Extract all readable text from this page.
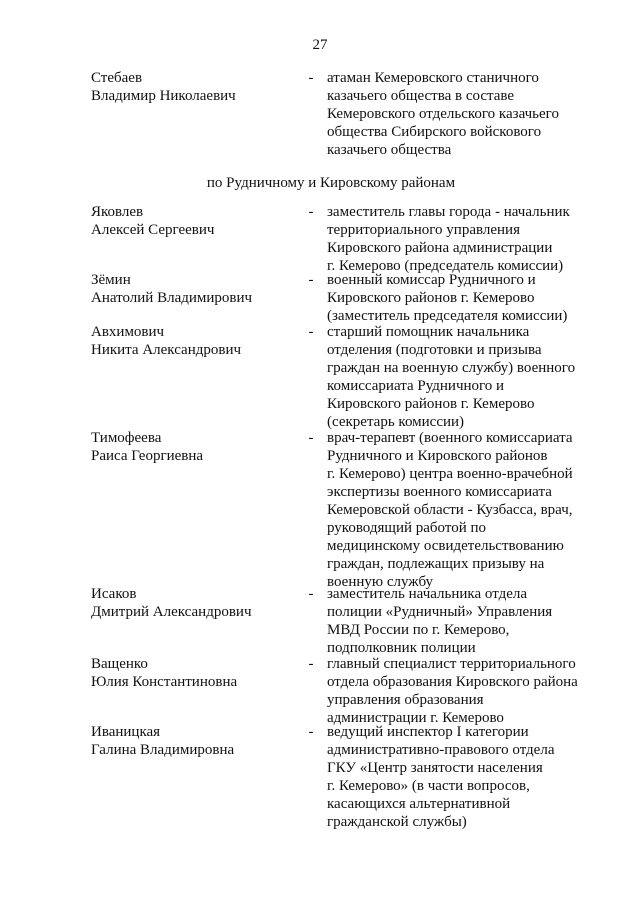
27
по Рудничному и Кировскому районам
Стебаев
Владимир Николаевич
- атаман Кемеровского станичного
казачьего общества в составе
Кемеровского отдельского казачьего
общества Сибирского войскового
казачьего общества
Яковлев
Алексей Сергеевич
- заместитель главы города - начальник
территориального управления
Кировского района администрации
г. Кемерово (председатель комиссии)
Зёмин
Анатолий Владимирович
- военный комиссар Рудничного и
Кировского районов г. Кемерово
(заместитель председателя комиссии)
Авхимович
Никита Александрович
- старший помощник начальника
отделения (подготовки и призыва
граждан на военную службу) военного
комиссариата Рудничного и
Кировского районов г. Кемерово
(секретарь комиссии)
Тимофеева
Раиса Георгиевна
- врач-терапевт (военного комиссариата
Рудничного и Кировского районов
г. Кемерово) центра военно-врачебной
экспертизы военного комиссариата
Кемеровской области - Кузбасса, врач,
руководящий работой по
медицинскому освидетельствованию
граждан, подлежащих призыву на
военную службу
Исаков
Дмитрий Александрович
- заместитель начальника отдела
полиции «Рудничный» Управления
МВД России по г. Кемерово,
подполковник полиции
Ващенко
Юлия Константиновна
- главный специалист территориального
отдела образования Кировского района
управления образования
администрации г. Кемерово
Иваницкая
Галина Владимировна
- ведущий инспектор I категории
административно-правового отдела
ГКУ «Центр занятости населения
г. Кемерово» (в части вопросов,
касающихся альтернативной
гражданской службы)
